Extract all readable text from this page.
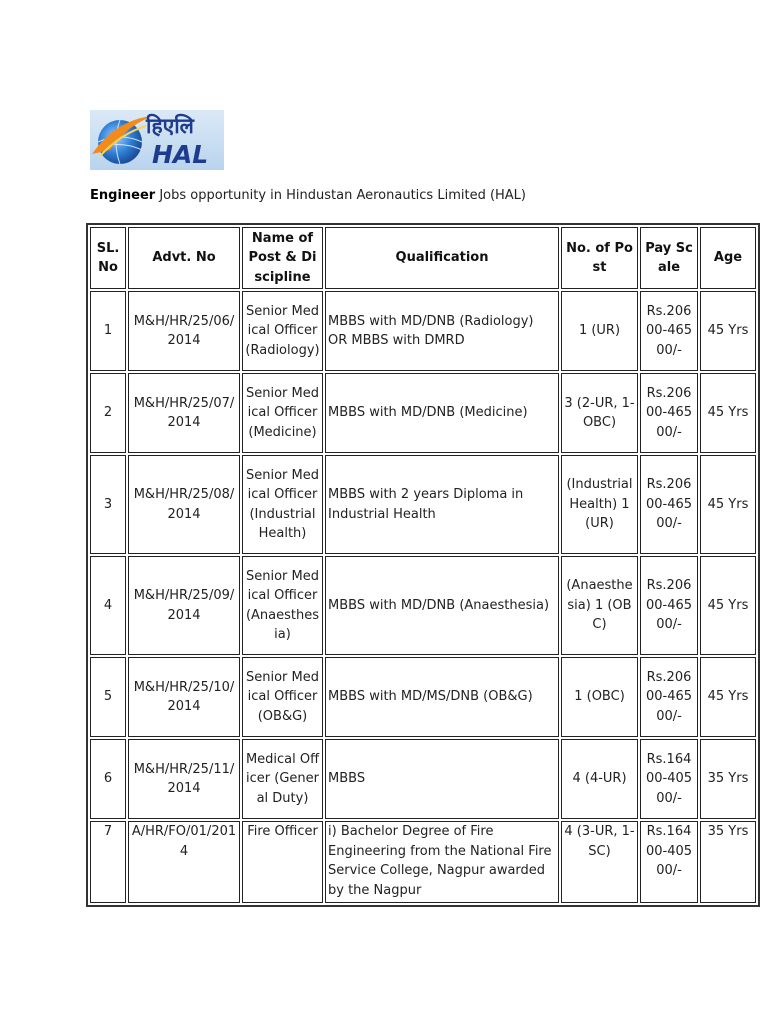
हिएलि
HAL
Engineer Jobs opportunity in Hindustan Aeronautics Limited (HAL)
SL.No	Advt. No	Name of Post & Discipline	Qualification	No. of Post	Pay Scale	Age
1	M&H/HR/25/06/2014	Senior Medical Officer (Radiology)	MBBS with MD/DNB (Radiology) OR MBBS with DMRD	1 (UR)	Rs.20600-46500/-	45 Yrs
2	M&H/HR/25/07/2014	Senior Medical Officer (Medicine)	MBBS with MD/DNB (Medicine)	3 (2-UR, 1-OBC)	Rs.20600-46500/-	45 Yrs
3	M&H/HR/25/08/2014	Senior Medical Officer (Industrial Health)	MBBS with 2 years Diploma in Industrial Health	(Industrial Health) 1 (UR)	Rs.20600-46500/-	45 Yrs
4	M&H/HR/25/09/2014	Senior Medical Officer (Anaesthesia)	MBBS with MD/DNB (Anaesthesia)	(Anaesthesia) 1 (OBC)	Rs.20600-46500/-	45 Yrs
5	M&H/HR/25/10/2014	Senior Medical Officer (OB&G)	MBBS with MD/MS/DNB (OB&G)	1 (OBC)	Rs.20600-46500/-	45 Yrs
6	M&H/HR/25/11/2014	Medical Officer (General Duty)	MBBS	4 (4-UR)	Rs.16400-40500/-	35 Yrs
7	A/HR/FO/01/2014	Fire Officer	i) Bachelor Degree of Fire Engineering from the National Fire Service College, Nagpur awarded by the Nagpur	4 (3-UR, 1-SC)	Rs.16400-40500/-	35 Yrs
